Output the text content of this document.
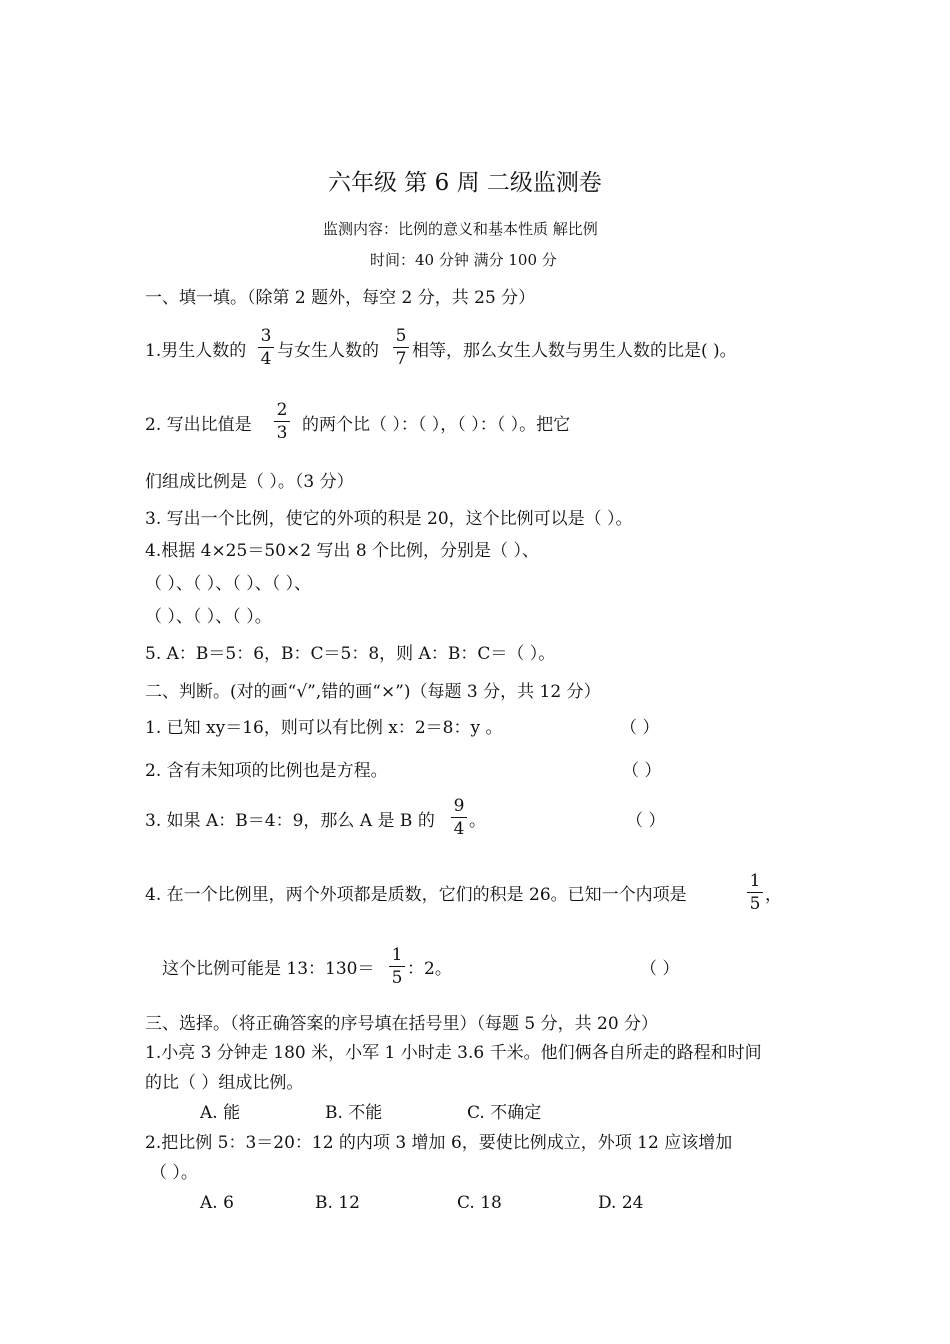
六年级 第 6 周 二级监测卷
监测内容：比例的意义和基本性质 解比例
时间：40 分钟 满分 100 分
一、填一填。（除第 2 题外，每空 2 分，共 25 分）
1.男生人数的
3
4 与女生人数的
5
7 相等，那么女生人数与男生人数的比是( )。
2. 写出比值是
2
3 的两个比（ ）：（ ），（ ）：（ ）。把它
们组成比例是（ ）。（3 分）
3. 写出一个比例，使它的外项的积是 20，这个比例可以是（ ）。
4.根据 4×25＝50×2 写出 8 个比例，分别是（ ）、
（ ）、（ ）、（ ）、（ ）、
（ ）、（ ）、（ ）。
5. A：B＝5：6，B：C＝5：8，则 A：B：C＝（ ）。
二、判断。(对的画“√”,错的画“×”)（每题 3 分，共 12 分）
1. 已知 xy＝16，则可以有比例 x：2＝8：y 。	（ ）
2. 含有未知项的比例也是方程。	（ ）
3. 如果 A：B＝4：9，那么 A 是 B 的
9
4 。	（ ）
4. 在一个比例里，两个外项都是质数，它们的积是 26。已知一个内项是
1
5 ，
这个比例可能是 13：130＝
1
5 ：2。	（ ）
三、选择。（将正确答案的序号填在括号里）（每题 5 分，共 20 分）
1.小亮 3 分钟走 180 米，小军 1 小时走 3.6 千米。他们俩各自所走的路程和时间
的比（ ）组成比例。
A. 能	B. 不能	C. 不确定
2.把比例 5：3＝20：12 的内项 3 增加 6，要使比例成立，外项 12 应该增加
（ ）。
A. 6	B. 12	C. 18	D. 24
